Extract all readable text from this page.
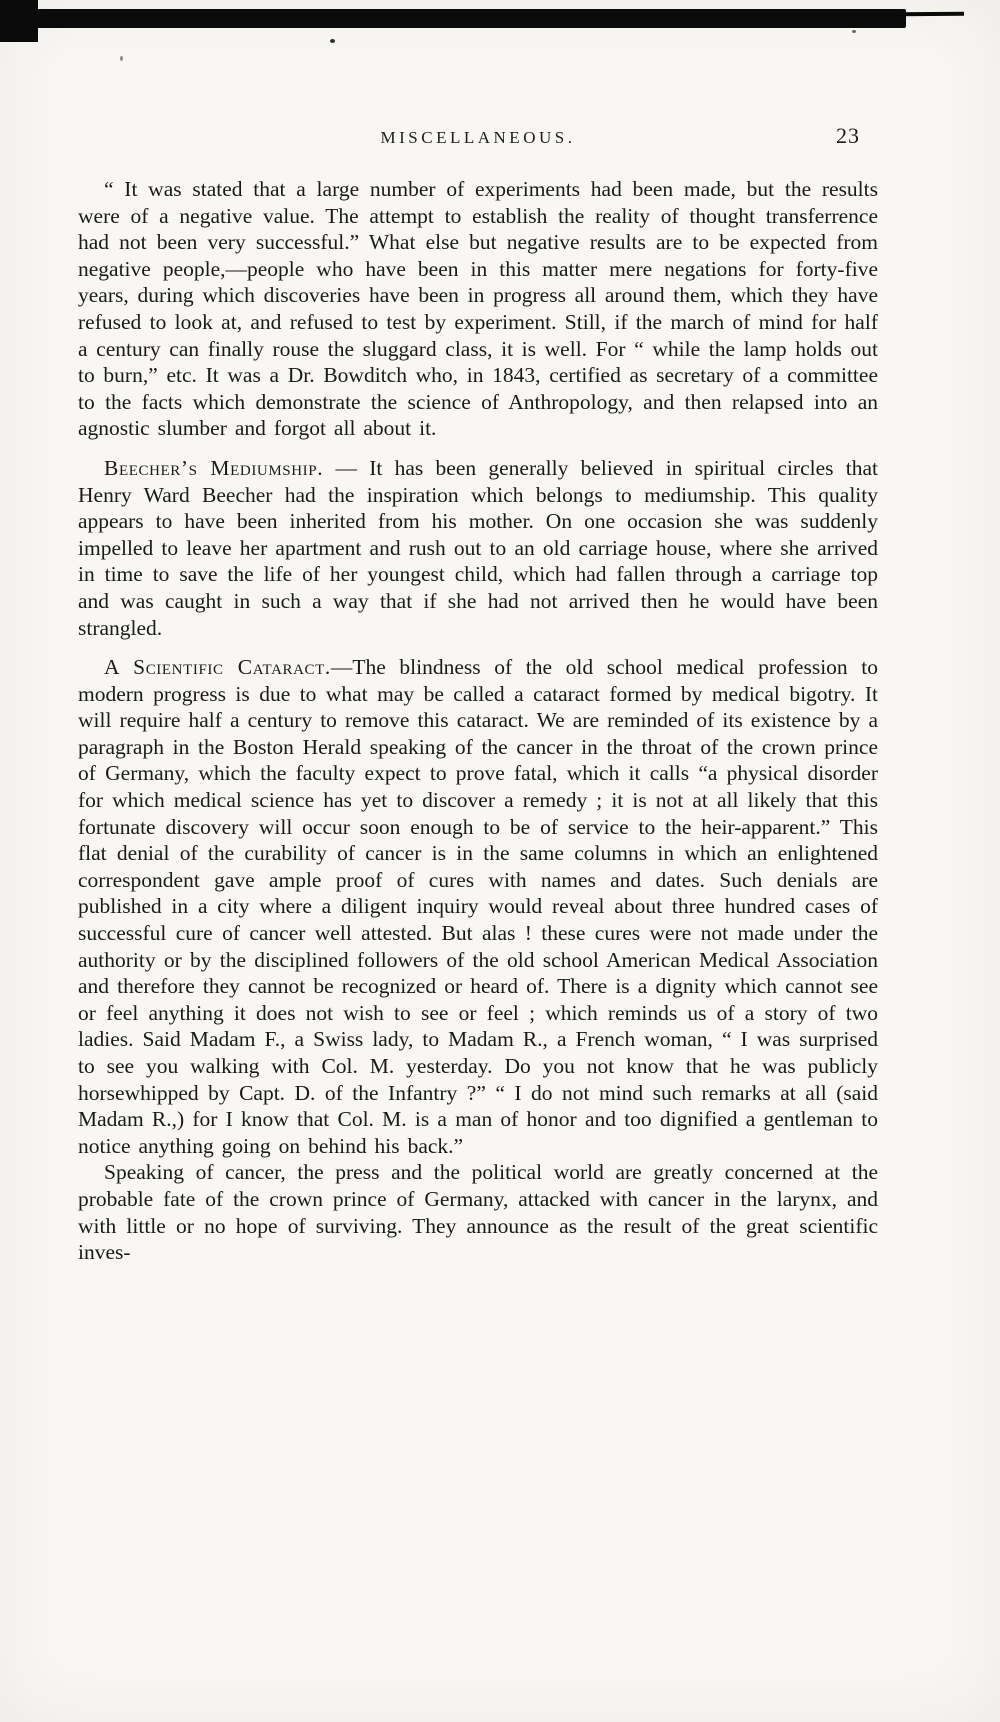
MISCELLANEOUS.	23

“ It was stated that a large number of experiments had been made, but the results were of a negative value. The attempt to establish the reality of thought transferrence had not been very successful.” What else but negative results are to be expected from negative people,—people who have been in this matter mere negations for forty-five years, during which discoveries have been in progress all around them, which they have refused to look at, and refused to test by experiment. Still, if the march of mind for half a century can finally rouse the sluggard class, it is well. For “ while the lamp holds out to burn,” etc. It was a Dr. Bowditch who, in 1843, certified as secretary of a committee to the facts which demonstrate the science of Anthropology, and then relapsed into an agnostic slumber and forgot all about it.

Beecher’s Mediumship. — It has been generally believed in spiritual circles that Henry Ward Beecher had the inspiration which belongs to mediumship. This quality appears to have been inherited from his mother. On one occasion she was suddenly impelled to leave her apartment and rush out to an old carriage house, where she arrived in time to save the life of her youngest child, which had fallen through a carriage top and was caught in such a way that if she had not arrived then he would have been strangled.

A Scientific Cataract.—The blindness of the old school medical profession to modern progress is due to what may be called a cataract formed by medical bigotry. It will require half a century to remove this cataract. We are reminded of its existence by a paragraph in the Boston Herald speaking of the cancer in the throat of the crown prince of Germany, which the faculty expect to prove fatal, which it calls “a physical disorder for which medical science has yet to discover a remedy ; it is not at all likely that this fortunate discovery will occur soon enough to be of service to the heir-apparent.” This flat denial of the curability of cancer is in the same columns in which an enlightened correspondent gave ample proof of cures with names and dates. Such denials are published in a city where a diligent inquiry would reveal about three hundred cases of successful cure of cancer well attested. But alas ! these cures were not made under the authority or by the disciplined followers of the old school American Medical Association and therefore they cannot be recognized or heard of. There is a dignity which cannot see or feel anything it does not wish to see or feel ; which reminds us of a story of two ladies. Said Madam F., a Swiss lady, to Madam R., a French woman, “ I was surprised to see you walking with Col. M. yesterday. Do you not know that he was publicly horsewhipped by Capt. D. of the Infantry ?” “ I do not mind such remarks at all (said Madam R.,) for I know that Col. M. is a man of honor and too dignified a gentleman to notice anything going on behind his back.”

Speaking of cancer, the press and the political world are greatly concerned at the probable fate of the crown prince of Germany, attacked with cancer in the larynx, and with little or no hope of surviving. They announce as the result of the great scientific inves-
